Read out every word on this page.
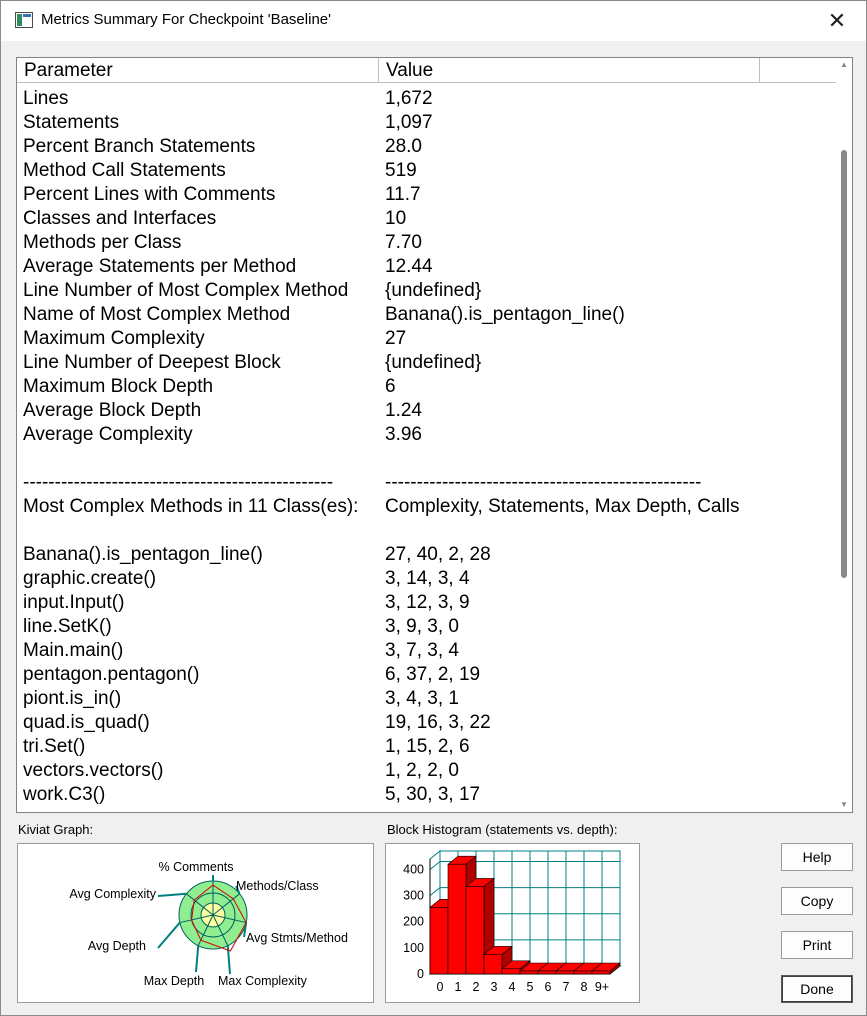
Metrics Summary For Checkpoint 'Baseline'	✕
Parameter	Value
Lines	1,672
Statements	1,097
Percent Branch Statements	28.0
Method Call Statements	519
Percent Lines with Comments	11.7
Classes and Interfaces	10
Methods per Class	7.70
Average Statements per Method	12.44
Line Number of Most Complex Method {undefined}
Name of Most Complex Method	Banana().is_pentagon_line()
Maximum Complexity	27
Line Number of Deepest Block	{undefined}
Maximum Block Depth	6
Average Block Depth	1.24
Average Complexity	3.96
-------------------------------------------------	--------------------------------------------------
Most Complex Methods in 11 Class(es): Complexity, Statements, Max Depth, Calls
Banana().is_pentagon_line()	27, 40, 2, 28
graphic.create()	3, 14, 3, 4
input.Input()	3, 12, 3, 9
line.SetK()	3, 9, 3, 0
Main.main()	3, 7, 3, 4
pentagon.pentagon()	6, 37, 2, 19
piont.is_in()	3, 4, 3, 1
quad.is_quad()	19, 16, 3, 22
tri.Set()	1, 15, 2, 6
vectors.vectors()	1, 2, 2, 0
work.C3()	5, 30, 3, 17
▲
▼
Kiviat Graph:	Block Histogram (statements vs. depth):
% Comments
Methods/Class
Avg Stmts/Method
Max Complexity
Max Depth
Avg Depth
Avg Complexity
0
100
200
300
400
0 1 2 3 4 5 6 7 8 9+
Help
Copy
Print
Done
